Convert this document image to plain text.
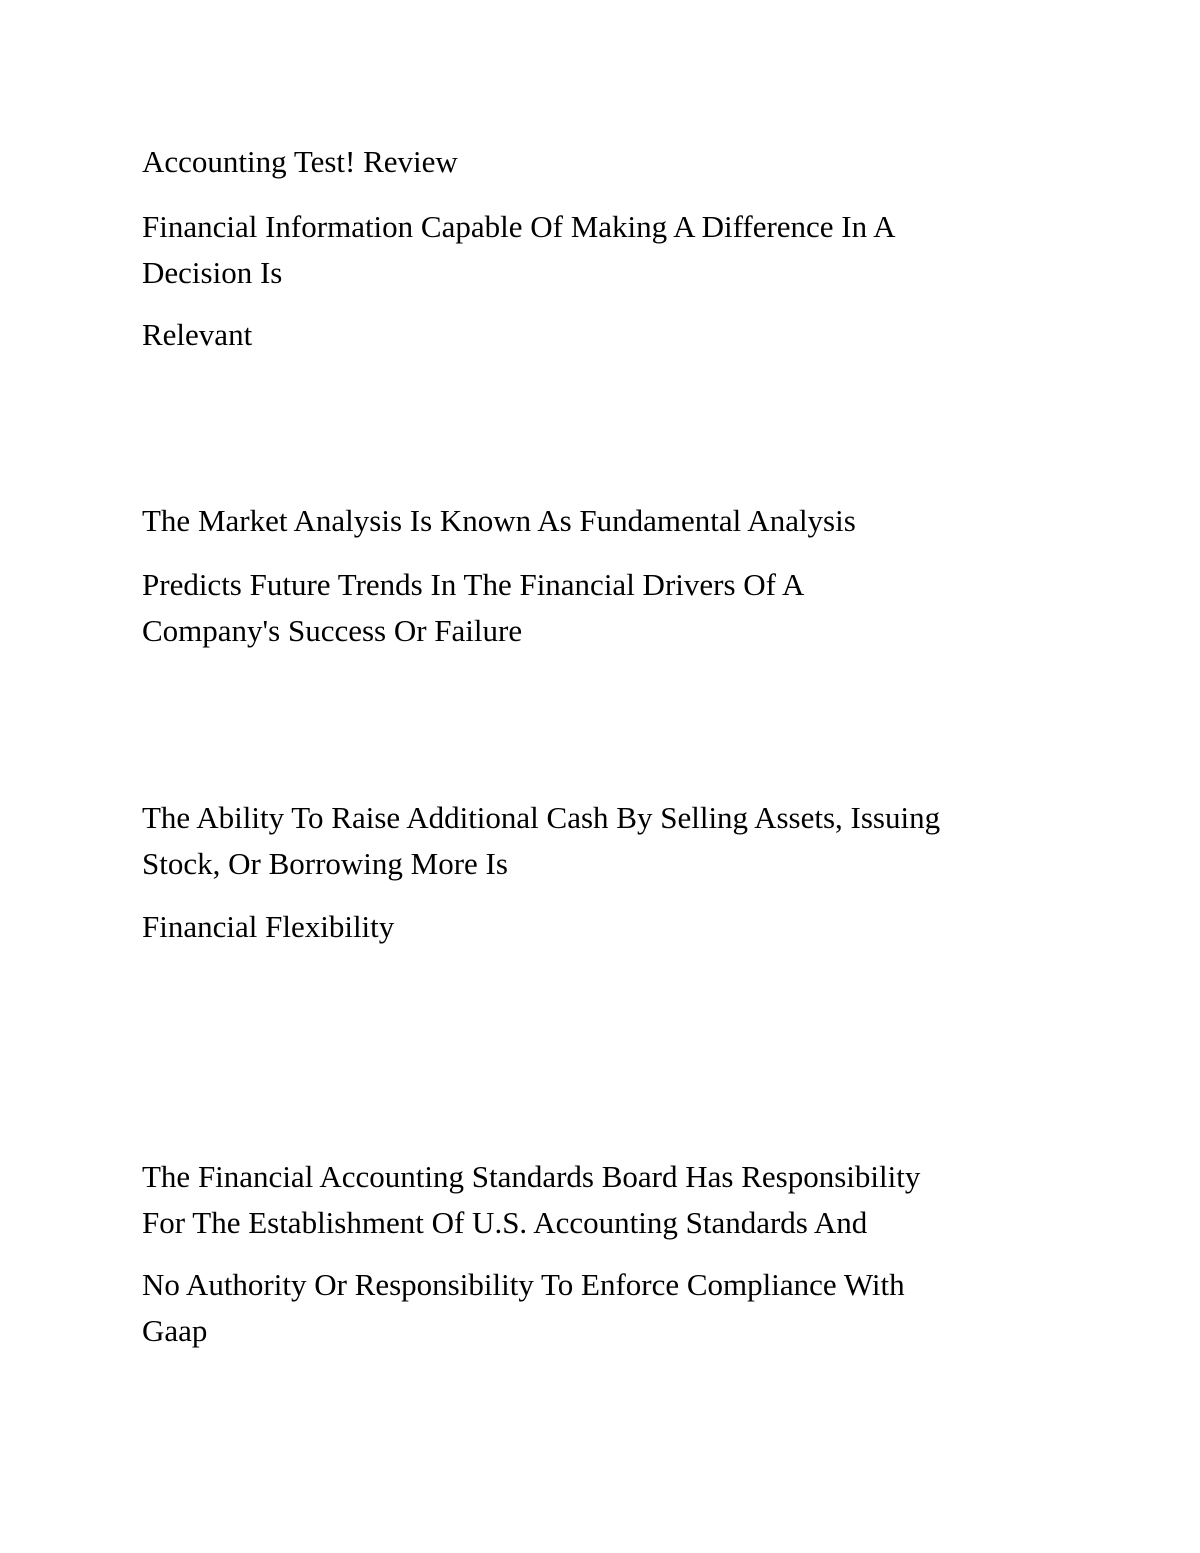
Accounting Test! Review

Financial Information Capable Of Making A Difference In A

Decision Is

Relevant

The Market Analysis Is Known As Fundamental Analysis

Predicts Future Trends In The Financial Drivers Of A

Company's Success Or Failure

The Ability To Raise Additional Cash By Selling Assets, Issuing

Stock, Or Borrowing More Is

Financial Flexibility

The Financial Accounting Standards Board Has Responsibility

For The Establishment Of U.S. Accounting Standards And

No Authority Or Responsibility To Enforce Compliance With

Gaap
